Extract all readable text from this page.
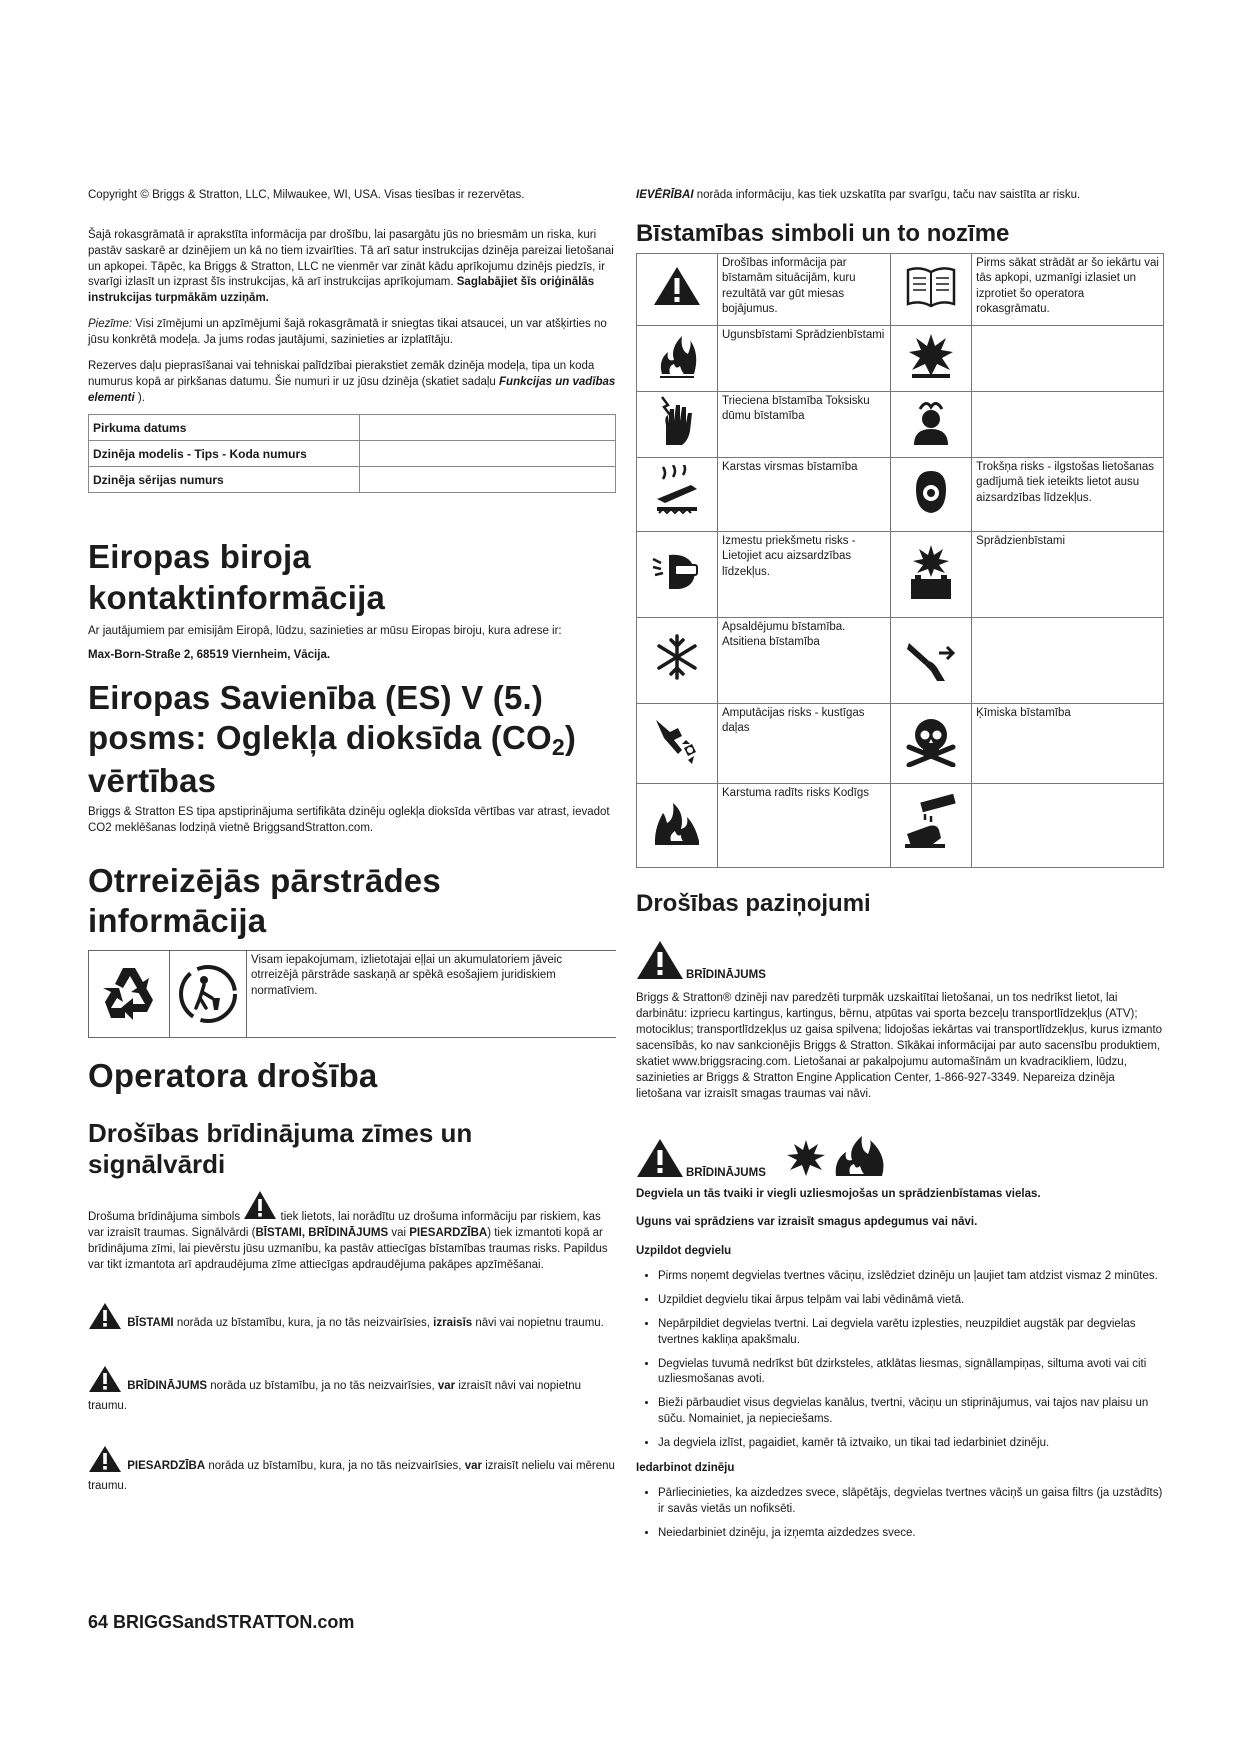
Copyright © Briggs & Stratton, LLC, Milwaukee, WI, USA. Visas tiesības ir rezervētas.

Šajā rokasgrāmatā ir aprakstīta informācija par drošību, lai pasargātu jūs no briesmām un riska, kuri pastāv saskarē ar dzinējiem un kā no tiem izvairīties. Tā arī satur instrukcijas dzinēja pareizai lietošanai un apkopei. Tāpēc, ka Briggs & Stratton, LLC ne vienmēr var zināt kādu aprīkojumu dzinējs piedzīs, ir svarīgi izlasīt un izprast šīs instrukcijas, kā arī instrukcijas aprīkojumam. Saglabājiet šīs oriģinālās instrukcijas turpmākām uzziņām.

Piezīme: Visi zīmējumi un apzīmējumi šajā rokasgrāmatā ir sniegtas tikai atsaucei, un var atšķirties no jūsu konkrētā modeļa. Ja jums rodas jautājumi, sazinieties ar izplatītāju.

Rezerves daļu pieprasīšanai vai tehniskai palīdzībai pierakstiet zemāk dzinēja modeļa, tipa un koda numurus kopā ar pirkšanas datumu. Šie numuri ir uz jūsu dzinēja (skatiet sadaļu Funkcijas un vadības elementi ).

Pirkuma datums	
Dzinēja modelis - Tips - Koda numurs	
Dzinēja sērijas numurs	
Eiropas biroja kontaktinformācija

Ar jautājumiem par emisijām Eiropā, lūdzu, sazinieties ar mūsu Eiropas biroju, kura adrese ir:

Max-Born-Straße 2, 68519 Viernheim, Vācija.

Eiropas Savienība (ES) V (5.) posms: Oglekļa dioksīda $(CO_2)$ vērtības

Briggs & Stratton ES tipa apstiprinājuma sertifikāta dzinēju oglekļa dioksīda vērtības var atrast, ievadot CO2 meklēšanas lodziņā vietnē BriggsandStratton.com.

Otrreizējās pārstrādes informācija
Visam iepakojumam, izlietotajai eļļai un akumulatoriem jāveic otrreizējā pārstrāde saskaņā ar spēkā esošajiem juridiskiem normatīviem.
Operatora drošība
Drošības brīdinājuma zīmes un signālvārdi

Drošuma brīdinājuma simbols	tiek lietots, lai norādītu uz drošuma informāciju par riskiem, kas var izraisīt traumas. Signālvārdi (BĪSTAMI, BRĪDINĀJUMS vai PIESARDZĪBA) tiek izmantoti kopā ar brīdinājuma zīmi, lai pievērstu jūsu uzmanību, ka pastāv attiecīgas bīstamības traumas risks. Papildus var tikt izmantota arī apdraudējuma zīme attiecīgas apdraudējuma pakāpes apzīmēšanai.

BĪSTAMI norāda uz bīstamību, kura, ja no tās neizvairīsies, izraisīs nāvi vai nopietnu traumu.
BRĪDINĀJUMS norāda uz bīstamību, ja no tās neizvairīsies, var izraisīt nāvi vai nopietnu traumu.
PIESARDZĪBA norāda uz bīstamību, kura, ja no tās neizvairīsies, var izraisīt nelielu vai mērenu traumu.

IEVĒRĪBAI norāda informāciju, kas tiek uzskatīta par svarīgu, taču nav saistīta ar risku.

Bīstamības simboli un to nozīme
	Drošības informācija par bīstamām situācijām, kuru rezultātā var gūt miesas bojājumus.		Pirms sākat strādāt ar šo iekārtu vai tās apkopi, uzmanīgi izlasiet un izprotiet šo operatora rokasgrāmatu.
	Ugunsbīstami Sprādzienbīstami		
	Trieciena bīstamība Toksisku dūmu bīstamība		
	Karstas virsmas bīstamība		Trokšņa risks - ilgstošas lietošanas gadījumā tiek ieteikts lietot ausu aizsardzības līdzekļus.
	Izmestu priekšmetu risks - Lietojiet acu aizsardzības līdzekļus.		Sprādzienbīstami
	Apsaldējumu bīstamība. Atsitiena bīstamība		
	Amputācijas risks - kustīgas daļas		Ķīmiska bīstamība
	Karstuma radīts risks Kodīgs		
Drošības paziņojumi
BRĪDINĀJUMS

Briggs & Stratton® dzinēji nav paredzēti turpmāk uzskaitītai lietošanai, un tos nedrīkst lietot, lai darbinātu: izpriecu kartingus, kartingus, bērnu, atpūtas vai sporta bezceļu transportlīdzekļus (ATV); motociklus; transportlīdzekļus uz gaisa spilvena; lidojošas iekārtas vai transportlīdzekļus, kurus izmanto sacensībās, ko nav sankcionējis Briggs & Stratton. Sīkākai informācijai par auto sacensību produktiem, skatiet www.briggsracing.com. Lietošanai ar pakalpojumu automašīnām un kvadracikliem, lūdzu, sazinieties ar Briggs & Stratton Engine Application Center, 1-866-927-3349. Nepareiza dzinēja lietošana var izraisīt smagas traumas vai nāvi.

BRĪDINĀJUMS

Degviela un tās tvaiki ir viegli uzliesmojošas un sprādzienbīstamas vielas.

Uguns vai sprādziens var izraisīt smagus apdegumus vai nāvi.

Uzpildot degvielu

• Pirms noņemt degvielas tvertnes vāciņu, izslēdziet dzinēju un ļaujiet tam atdzist vismaz 2 minūtes.
• Uzpildiet degvielu tikai ārpus telpām vai labi vēdināmā vietā.
• Nepārpildiet degvielas tvertni. Lai degviela varētu izplesties, neuzpildiet augstāk par degvielas tvertnes kakliņa apakšmalu.
• Degvielas tuvumā nedrīkst būt dzirksteles, atklātas liesmas, signāllampiņas, siltuma avoti vai citi uzliesmošanas avoti.
• Bieži pārbaudiet visus degvielas kanālus, tvertni, vāciņu un stiprinājumus, vai tajos nav plaisu un sūču. Nomainiet, ja nepieciešams.
• Ja degviela izlīst, pagaidiet, kamēr tā iztvaiko, un tikai tad iedarbiniet dzinēju.

Iedarbinot dzinēju

• Pārliecinieties, ka aizdedzes svece, slāpētājs, degvielas tvertnes vāciņš un gaisa filtrs (ja uzstādīts) ir savās vietās un nofiksēti.
• Neiedarbiniet dzinēju, ja izņemta aizdedzes svece.
64 BRIGGSandSTRATTON.com
